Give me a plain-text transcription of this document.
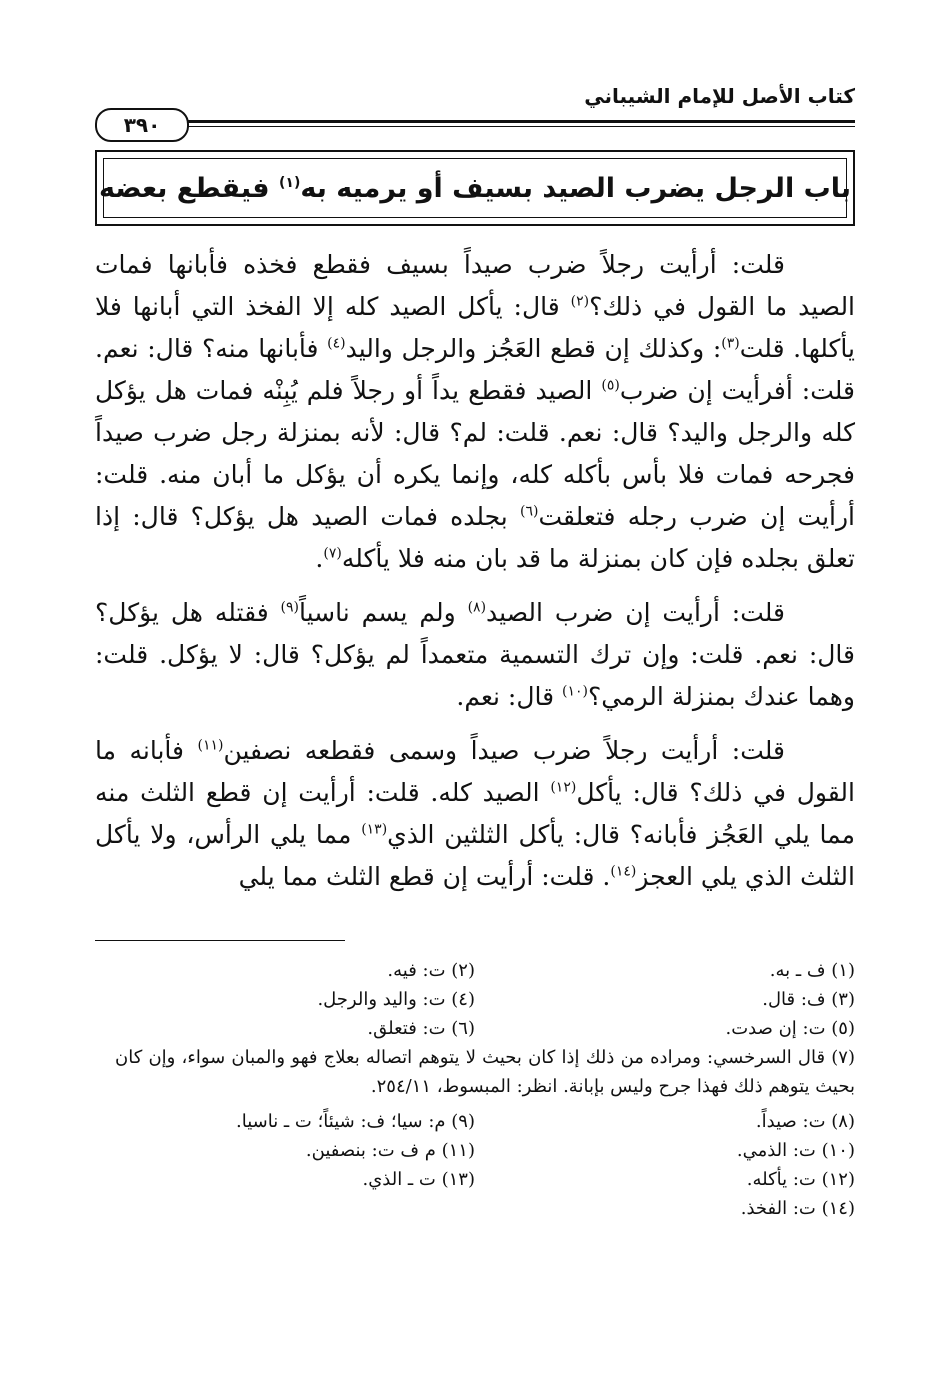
كتاب الأصل للإمام الشيباني
٣٩٠
باب الرجل يضرب الصيد بسيف أو يرميه به$^{(١)}$ فيقطع بعضه

قلت: أرأيت رجلاً ضرب صيداً بسيف فقطع فخذه فأبانها فمات الصيد ما القول في ذلك؟$^{(٢)}$ قال: يأكل الصيد كله إلا الفخذ التي أبانها فلا يأكلها. قلت$^{(٣)}$: وكذلك إن قطع العَجُز والرجل واليد$^{(٤)}$ فأبانها منه؟ قال: نعم. قلت: أفرأيت إن ضرب$^{(٥)}$ الصيد فقطع يداً أو رجلاً فلم يُبِنْه فمات هل يؤكل كله والرجل واليد؟ قال: نعم. قلت: لم؟ قال: لأنه بمنزلة رجل ضرب صيداً فجرحه فمات فلا بأس بأكله كله، وإنما يكره أن يؤكل ما أبان منه. قلت: أرأيت إن ضرب رجله فتعلقت$^{(٦)}$ بجلده فمات الصيد هل يؤكل؟ قال: إذا تعلق بجلده فإن كان بمنزلة ما قد بان منه فلا يأكله$^{(٧)}$.

قلت: أرأيت إن ضرب الصيد$^{(٨)}$ ولم يسم ناسياً$^{(٩)}$ فقتله هل يؤكل؟ قال: نعم. قلت: وإن ترك التسمية متعمداً لم يؤكل؟ قال: لا يؤكل. قلت: وهما عندك بمنزلة الرمي؟$^{(١٠)}$ قال: نعم.

قلت: أرأيت رجلاً ضرب صيداً وسمى فقطعه نصفين$^{(١١)}$ فأبانه ما القول في ذلك؟ قال: يأكل$^{(١٢)}$ الصيد كله. قلت: أرأيت إن قطع الثلث منه مما يلي العَجُز فأبانه؟ قال: يأكل الثلثين الذي$^{(١٣)}$ مما يلي الرأس، ولا يأكل الثلث الذي يلي العجز$^{(١٤)}$. قلت: أرأيت إن قطع الثلث مما يلي

(١) ف ـ به.
(٢) ت: فيه.
(٣) ف: قال.
(٤) ت: واليد والرجل.
(٥) ت: إن صدت.
(٦) ت: فتعلق.
(٧) قال السرخسي: ومراده من ذلك إذا كان بحيث لا يتوهم اتصاله بعلاج فهو والمبان سواء، وإن كان بحيث يتوهم ذلك فهذا جرح وليس بإبانة. انظر: المبسوط، ٢٥٤/١١.
(٨) ت: صيداً.
(٩) م: سيا؛ ف: شيئاً؛ ت ـ ناسيا.
(١٠) ت: الذمي.
(١١) م ف ت: بنصفين.
(١٢) ت: يأكله.
(١٣) ت ـ الذي.
(١٤) ت: الفخذ.
